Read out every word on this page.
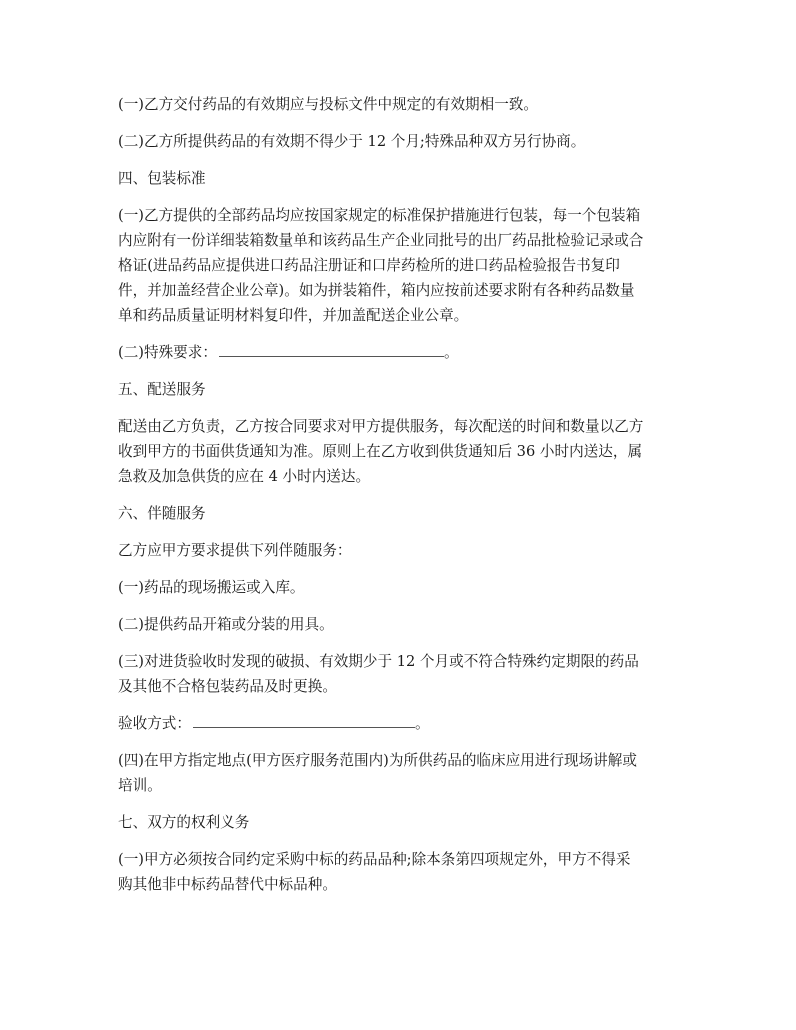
(一)乙方交付药品的有效期应与投标文件中规定的有效期相一致。

(二)乙方所提供药品的有效期不得少于 12 个月;特殊品种双方另行协商。

四、包装标准

(一)乙方提供的全部药品均应按国家规定的标准保护措施进行包装，每一个包装箱
内应附有一份详细装箱数量单和该药品生产企业同批号的出厂药品批检验记录或合
格证(进品药品应提供进口药品注册证和口岸药检所的进口药品检验报告书复印
件，并加盖经营企业公章)。如为拼装箱件，箱内应按前述要求附有各种药品数量
单和药品质量证明材料复印件，并加盖配送企业公章。

(二)特殊要求：	。

五、配送服务

配送由乙方负责，乙方按合同要求对甲方提供服务，每次配送的时间和数量以乙方
收到甲方的书面供货通知为准。原则上在乙方收到供货通知后 36 小时内送达，属
急救及加急供货的应在 4 小时内送达。

六、伴随服务

乙方应甲方要求提供下列伴随服务：

(一)药品的现场搬运或入库。

(二)提供药品开箱或分装的用具。

(三)对进货验收时发现的破损、有效期少于 12 个月或不符合特殊约定期限的药品
及其他不合格包装药品及时更换。

验收方式：	。

(四)在甲方指定地点(甲方医疗服务范围内)为所供药品的临床应用进行现场讲解或
培训。

七、双方的权利义务

(一)甲方必须按合同约定采购中标的药品品种;除本条第四项规定外，甲方不得采
购其他非中标药品替代中标品种。
